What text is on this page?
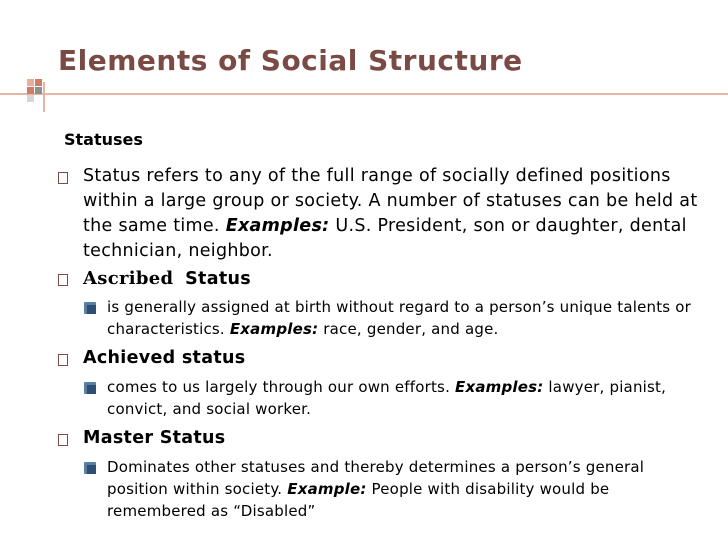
Elements of Social Structure
Statuses

Status refers to any of the full range of socially defined positions within a large group or society. A number of statuses can be held at the same time. Examples: U.S. President, son or daughter, dental technician, neighbor.

Ascribed Status

is generally assigned at birth without regard to a person’s unique talents or characteristics. Examples: race, gender, and age.

Achieved status

comes to us largely through our own efforts. Examples: lawyer, pianist, convict, and social worker.

Master Status

Dominates other statuses and thereby determines a person’s general position within society. Example: People with disability would be remembered as “Disabled”
